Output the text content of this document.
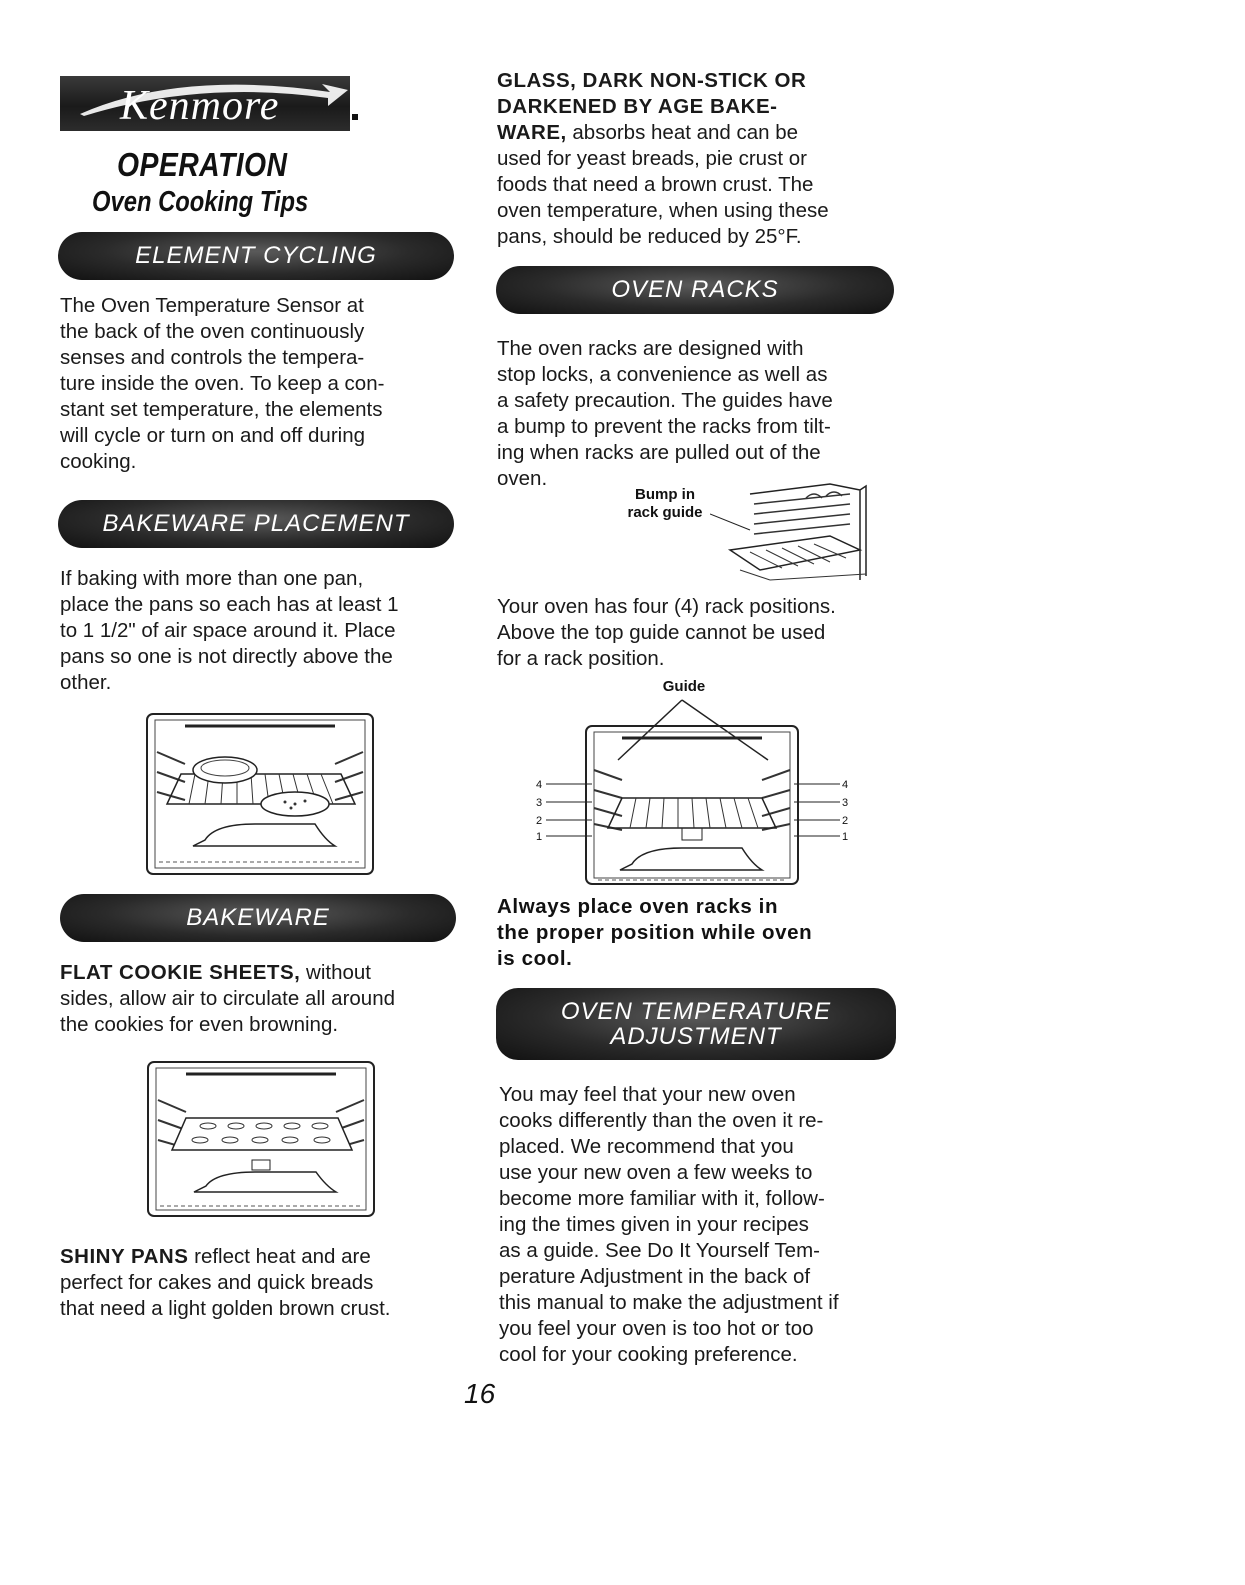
Kenmore
OPERATION
Oven Cooking Tips
ELEMENT CYCLING
The Oven Temperature Sensor at
the back of the oven continuously
senses and controls the tempera-
ture inside the oven. To keep a con-
stant set temperature, the elements
will cycle or turn on and off during
cooking.
BAKEWARE PLACEMENT
If baking with more than one pan,
place the pans so each has at least 1
to 1 1/2" of air space around it. Place
pans so one is not directly above the
other.
BAKEWARE
FLAT COOKIE SHEETS, without
sides, allow air to circulate all around
the cookies for even browning.
SHINY PANS reflect heat and are
perfect for cakes and quick breads
that need a light golden brown crust.
GLASS, DARK NON-STICK OR
DARKENED BY AGE BAKE-
WARE, absorbs heat and can be
used for yeast breads, pie crust or
foods that need a brown crust. The
oven temperature, when using these
pans, should be reduced by 25°F.
OVEN RACKS
The oven racks are designed with
stop locks, a convenience as well as
a safety precaution. The guides have
a bump to prevent the racks from tilt-
ing when racks are pulled out of the
oven.
Bump in
rack guide
Your oven has four (4) rack positions.
Above the top guide cannot be used
for a rack position.
Guide
4
3
2
1
4
3
2
1
Always place oven racks in
the proper position while oven
is cool.
OVEN TEMPERATURE
ADJUSTMENT
You may feel that your new oven
cooks differently than the oven it re-
placed. We recommend that you
use your new oven a few weeks to
become more familiar with it, follow-
ing the times given in your recipes
as a guide. See Do It Yourself Tem-
perature Adjustment in the back of
this manual to make the adjustment if
you feel your oven is too hot or too
cool for your cooking preference.
16
